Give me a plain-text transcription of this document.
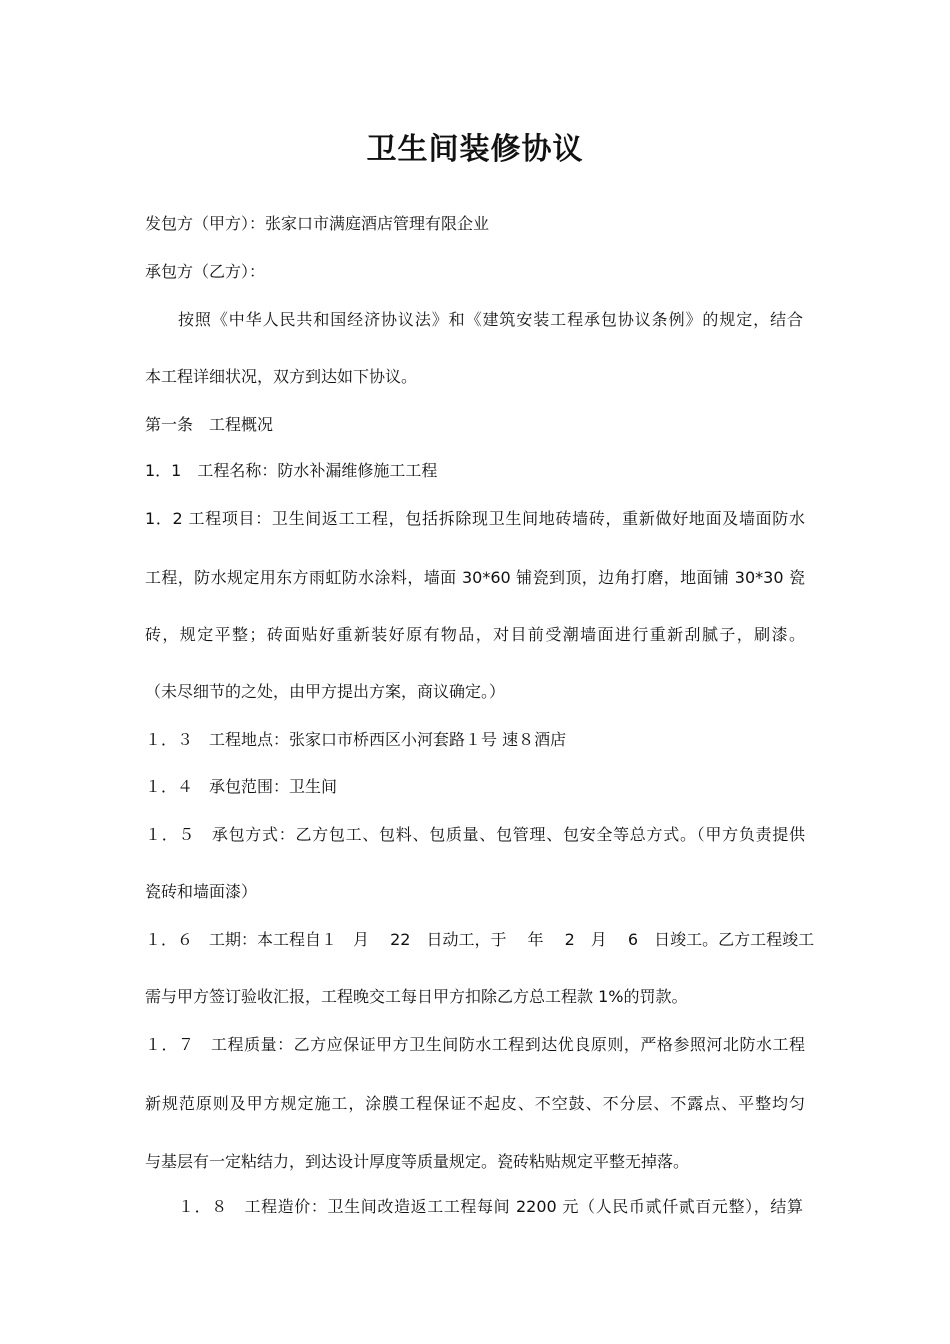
卫生间装修协议
发包方（甲方）：张家口市满庭酒店管理有限企业
承包方（乙方）：
按照《中华人民共和国经济协议法》和《建筑安装工程承包协议条例》的规定，结合
本工程详细状况，双方到达如下协议。
第一条　工程概况
1．1　工程名称：防水补漏维修施工工程
1．2 工程项目：卫生间返工工程，包括拆除现卫生间地砖墙砖，重新做好地面及墙面防水
工程，防水规定用东方雨虹防水涂料，墙面 30*60 铺瓷到顶，边角打磨，地面铺 30*30 瓷
砖，规定平整；砖面贴好重新装好原有物品，对目前受潮墙面进行重新刮腻子，刷漆。
（未尽细节的之处，由甲方提出方案，商议确定。）
１．３　工程地点：张家口市桥西区小河套路１号 速８酒店
１．４　承包范围：卫生间
１．５　承包方式：乙方包工、包料、包质量、包管理、包安全等总方式。（甲方负责提供
瓷砖和墙面漆）
１．６　工期：本工程自１　月　 22　日动工，于　 年　 2　月　 6　日竣工。乙方工程竣工
需与甲方签订验收汇报，工程晚交工每日甲方扣除乙方总工程款 1%的罚款。
１．７　工程质量：乙方应保证甲方卫生间防水工程到达优良原则，严格参照河北防水工程
新规范原则及甲方规定施工，涂膜工程保证不起皮、不空鼓、不分层、不露点、平整均匀
与基层有一定粘结力，到达设计厚度等质量规定。瓷砖粘贴规定平整无掉落。
１．８　工程造价：卫生间改造返工工程每间 2200 元（人民币贰仟贰百元整），结算
